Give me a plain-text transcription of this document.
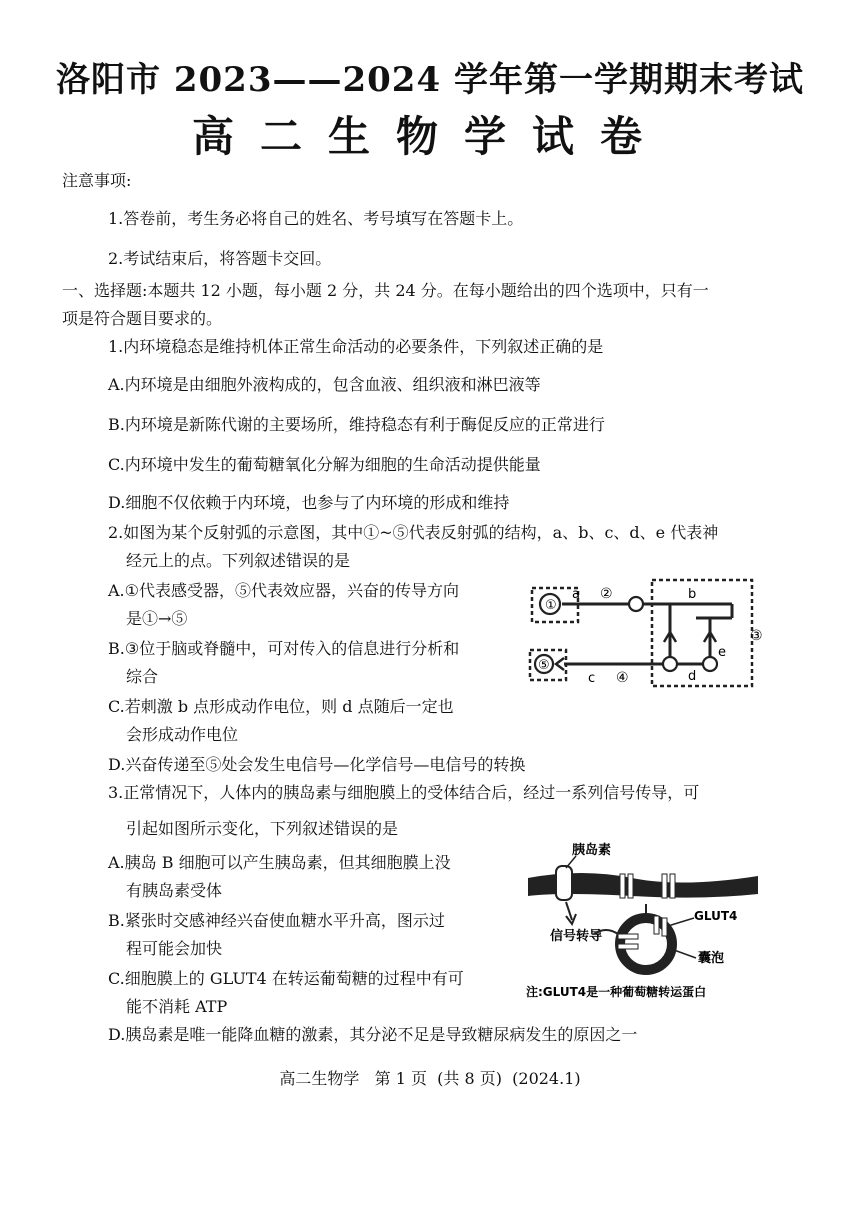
洛阳市 2023——2024 学年第一学期期末考试
高二生物学试卷
注意事项:
1.答卷前，考生务必将自己的姓名、考号填写在答题卡上。
2.考试结束后，将答题卡交回。
一、选择题:本题共 12 小题，每小题 2 分，共 24 分。在每小题给出的四个选项中，只有一
项是符合题目要求的。
1.内环境稳态是维持机体正常生命活动的必要条件，下列叙述正确的是
A.内环境是由细胞外液构成的，包含血液、组织液和淋巴液等
B.内环境是新陈代谢的主要场所，维持稳态有利于酶促反应的正常进行
C.内环境中发生的葡萄糖氧化分解为细胞的生命活动提供能量
D.细胞不仅依赖于内环境，也参与了内环境的形成和维持
2.如图为某个反射弧的示意图，其中①~⑤代表反射弧的结构，a、b、c、d、e 代表神
经元上的点。下列叙述错误的是
A.①代表感受器，⑤代表效应器，兴奋的传导方向
是①→⑤
B.③位于脑或脊髓中，可对传入的信息进行分析和
综合
C.若刺激 b 点形成动作电位，则 d 点随后一定也
会形成动作电位
D.兴奋传递至⑤处会发生电信号—化学信号—电信号的转换
①
a ②	b
③
⑤
c ④	d
e
3.正常情况下，人体内的胰岛素与细胞膜上的受体结合后，经过一系列信号传导，可
引起如图所示变化，下列叙述错误的是
A.胰岛 B 细胞可以产生胰岛素，但其细胞膜上没
有胰岛素受体
B.紧张时交感神经兴奋使血糖水平升高，图示过
程可能会加快
C.细胞膜上的 GLUT4 在转运葡萄糖的过程中有可
能不消耗 ATP
D.胰岛素是唯一能降血糖的激素，其分泌不足是导致糖尿病发生的原因之一
胰岛素
信号转导
GLUT4
囊泡
注:GLUT4是一种葡萄糖转运蛋白
高二生物学   第 1 页  (共 8 页)  (2024.1)
